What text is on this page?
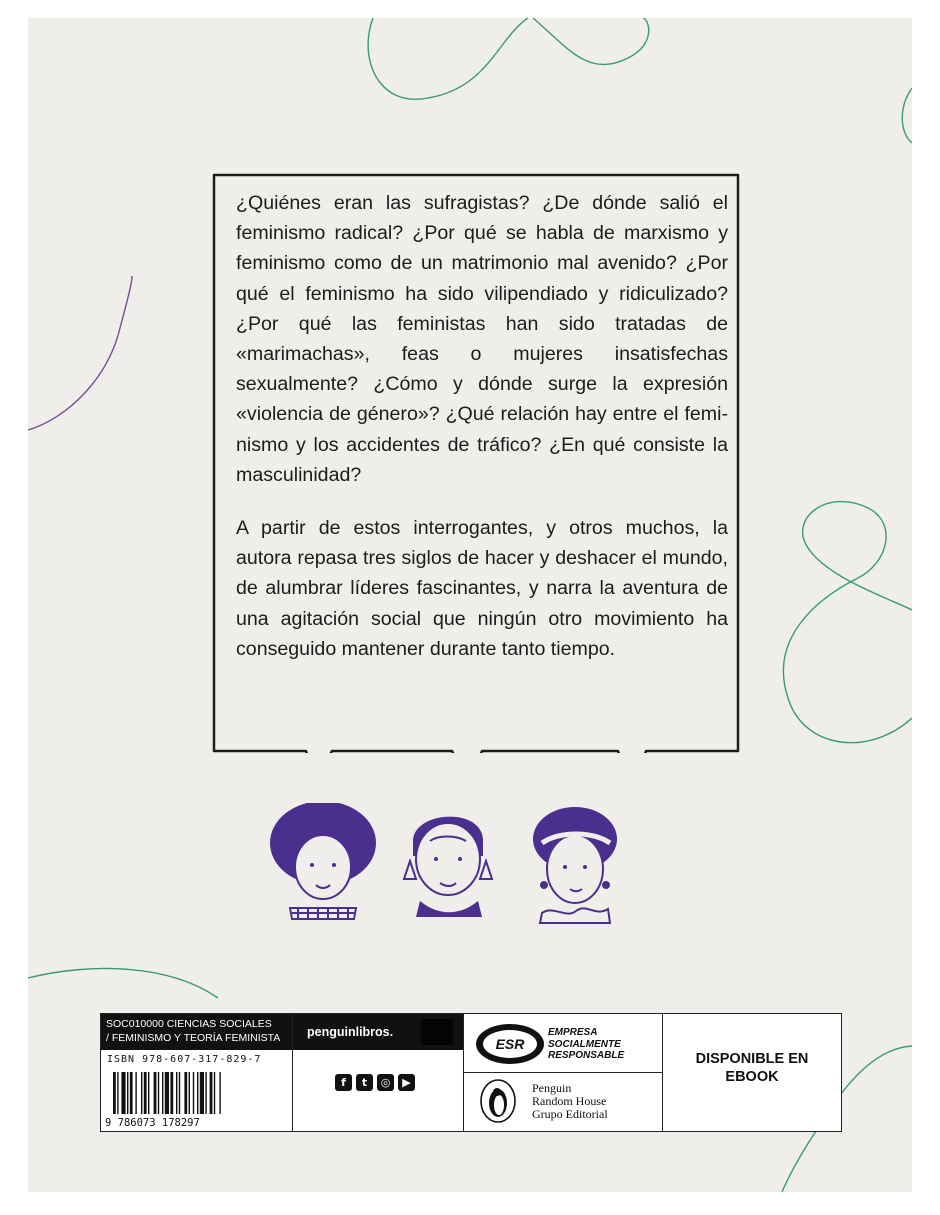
¿Quiénes eran las sufragistas? ¿De dónde salió el feminismo radical? ¿Por qué se habla de marxismo y feminismo como de un matrimonio mal avenido? ¿Por qué el feminismo ha sido vilipendiado y ridiculizado? ¿Por qué las feministas han sido tratadas de «marimachas», feas o mujeres insatisfechas sexualmente? ¿Cómo y dónde surge la expresión «violencia de género»? ¿Qué relación hay entre el feminismo y los accidentes de tráfico? ¿En qué consiste la masculinidad?

A partir de estos interrogantes, y otros muchos, la autora repasa tres siglos de hacer y deshacer el mundo, de alumbrar líderes fascinantes, y narra la aventura de una agitación social que ningún otro movimiento ha conseguido mantener durante tanto tiempo.

SOC010000 CIENCIAS SOCIALES
/ FEMINISMO Y TEORÍA FEMINISTA
ISBN 978-607-317-829-7
9 786073 178297
penguinlibros.
f	t	◎	▶
ESR
EMPRESA
SOCIALMENTE
RESPONSABLE
Penguin
Random House
Grupo Editorial
DISPONIBLE EN
EBOOK
